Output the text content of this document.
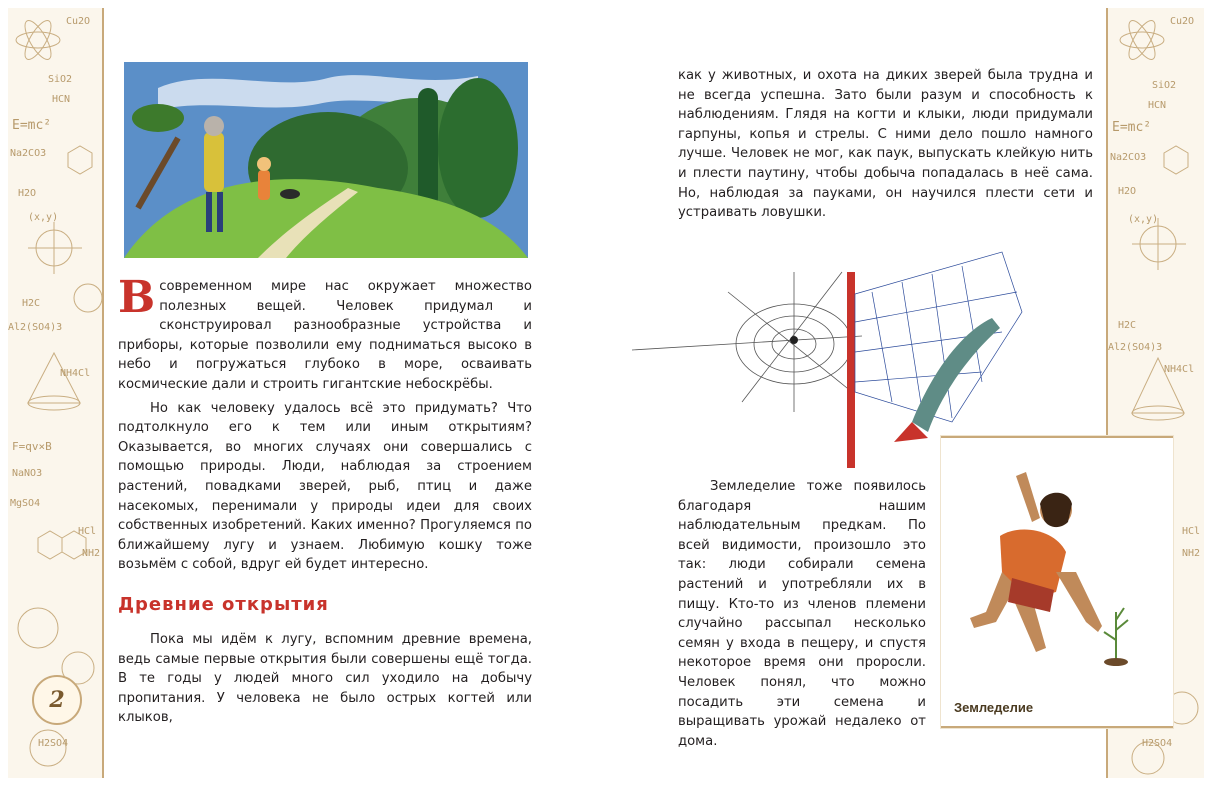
Cu2O
SiO2
HCN
E=mc²
Na2CO3
H2O
(x,y)
H2C
Al2(SO4)3
NH4Cl
F=qv×B
NaNO3
MgSO4
HCl
NH2
H2SO4
2
Cu2O
SiO2
HCN
E=mc²
Na2CO3
H2O
(x,y)
H2C
Al2(SO4)3
NH4Cl
HCl
NH2
H2SO4

Всовременном мире нас окружает множество полезных вещей. Человек придумал и сконструировал разнообразные устройства и приборы, которые позволили ему подниматься высоко в небо и погружаться глубоко в море, осваивать космические дали и строить гигантские небоскрёбы.

Но как человеку удалось всё это придумать? Что подтолкнуло его к тем или иным открытиям? Оказывается, во многих случаях они совершались с помощью природы. Люди, наблюдая за строением растений, повадками зверей, рыб, птиц и даже насекомых, перенимали у природы идеи для своих собственных изобретений. Каких именно? Прогуляемся по ближайшему лугу и узнаем. Любимую кошку тоже возьмём с собой, вдруг ей будет интересно.

Древние открытия

Пока мы идём к лугу, вспомним древние времена, ведь самые первые открытия были совершены ещё тогда. В те годы у людей много сил уходило на добычу пропитания. У человека не было острых когтей или клыков,

как у животных, и охота на диких зверей была трудна и не всегда успешна. Зато были разум и способность к наблюдениям. Глядя на когти и клыки, люди придумали гарпуны, копья и стрелы. С ними дело пошло намного лучше. Человек не мог, как паук, выпускать клейкую нить и плести паутину, чтобы добыча попадалась в неё сама. Но, наблюдая за пауками, он научился плести сети и устраивать ловушки.

Земледелие

Земледелие тоже появилось благодаря нашим наблюдательным предкам. По всей видимости, произошло это так: люди собирали семена растений и употребляли их в пищу. Кто-то из членов племени случайно рассыпал несколько семян у входа в пещеру, и спустя некоторое время они проросли. Человек понял, что можно посадить эти семена и выращивать урожай недалеко от дома.
